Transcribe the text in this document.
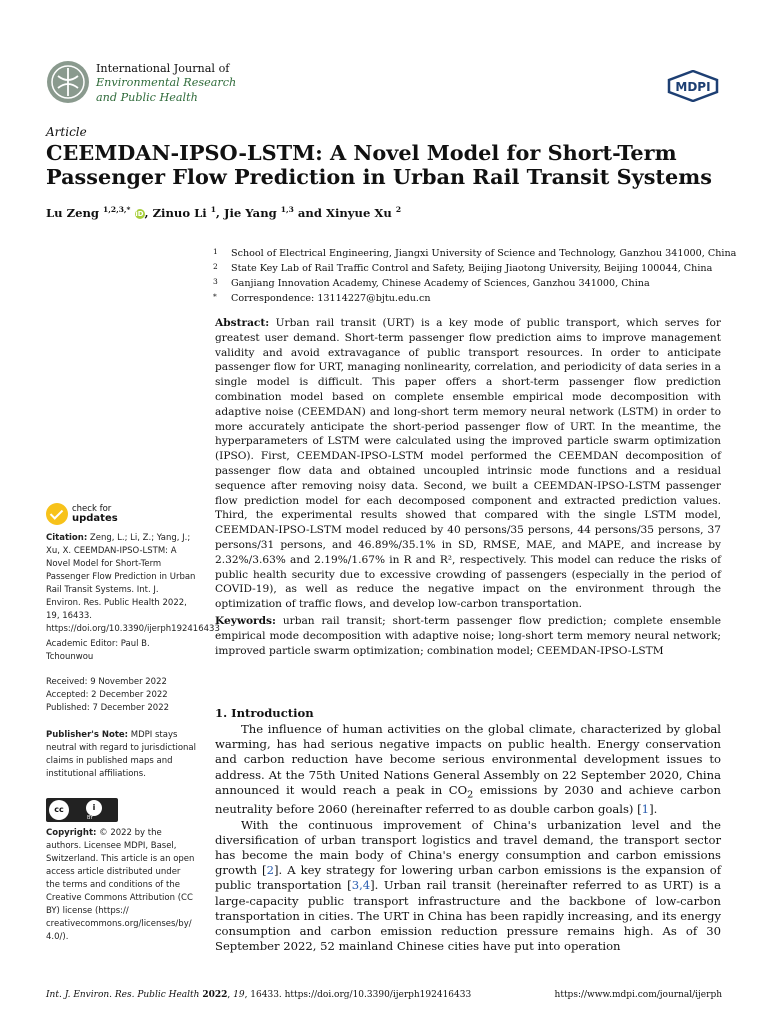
International Journal of
Environmental Research
and Public Health
MDPI
Article
CEEMDAN-IPSO-LSTM: A Novel Model for Short-Term Passenger Flow Prediction in Urban Rail Transit Systems
Lu Zeng $^{1,2,3,*}$ iD, Zinuo Li $^1$, Jie Yang $^{1,3}$ and Xinyue Xu $^2$
1 School of Electrical Engineering, Jiangxi University of Science and Technology, Ganzhou 341000, China
2 State Key Lab of Rail Traffic Control and Safety, Beijing Jiaotong University, Beijing 100044, China
3 Ganjiang Innovation Academy, Chinese Academy of Sciences, Ganzhou 341000, China
* Correspondence: 13114227@bjtu.edu.cn
Abstract: Urban rail transit (URT) is a key mode of public transport, which serves for greatest user demand. Short-term passenger flow prediction aims to improve management validity and avoid extravagance of public transport resources. In order to anticipate passenger flow for URT, managing nonlinearity, correlation, and periodicity of data series in a single model is difficult. This paper offers a short-term passenger flow prediction combination model based on complete ensemble empirical mode decomposition with adaptive noise (CEEMDAN) and long-short term memory neural network (LSTM) in order to more accurately anticipate the short-period passenger flow of URT. In the meantime, the hyperparameters of LSTM were calculated using the improved particle swarm optimization (IPSO). First, CEEMDAN-IPSO-LSTM model performed the CEEMDAN decomposition of passenger flow data and obtained uncoupled intrinsic mode functions and a residual sequence after removing noisy data. Second, we built a CEEMDAN-IPSO-LSTM passenger flow prediction model for each decomposed component and extracted prediction values. Third, the experimental results showed that compared with the single LSTM model, CEEMDAN-IPSO-LSTM model reduced by 40 persons/35 persons, 44 persons/35 persons, 37 persons/31 persons, and 46.89%/35.1% in SD, RMSE, MAE, and MAPE, and increase by 2.32%/3.63% and 2.19%/1.67% in R and R², respectively. This model can reduce the risks of public health security due to excessive crowding of passengers (especially in the period of COVID-19), as well as reduce the negative impact on the environment through the optimization of traffic flows, and develop low-carbon transportation.
Keywords: urban rail transit; short-term passenger flow prediction; complete ensemble empirical mode decomposition with adaptive noise; long-short term memory neural network; improved particle swarm optimization; combination model; CEEMDAN-IPSO-LSTM
check for
updates
Citation: Zeng, L.; Li, Z.; Yang, J.; Xu, X. CEEMDAN-IPSO-LSTM: A Novel Model for Short-Term Passenger Flow Prediction in Urban Rail Transit Systems. Int. J. Environ. Res. Public Health 2022, 19, 16433. https://doi.org/10.3390/ijerph192416433
Academic Editor: Paul B. Tchounwou
Received: 9 November 2022
Accepted: 2 December 2022
Published: 7 December 2022
Publisher's Note: MDPI stays neutral with regard to jurisdictional claims in published maps and institutional affiliations.
cc	i
BY
Copyright: © 2022 by the authors. Licensee MDPI, Basel, Switzerland. This article is an open access article distributed under the terms and conditions of the Creative Commons Attribution (CC BY) license (https:// creativecommons.org/licenses/by/ 4.0/).
1. Introduction

The influence of human activities on the global climate, characterized by global warming, has had serious negative impacts on public health. Energy conservation and carbon reduction have become serious environmental development issues to address. At the 75th United Nations General Assembly on 22 September 2020, China announced it would reach a peak in $CO_2$ emissions by 2030 and achieve carbon neutrality before 2060 (hereinafter referred to as double carbon goals) [1].

With the continuous improvement of China's urbanization level and the diversification of urban transport logistics and travel demand, the transport sector has become the main body of China's energy consumption and carbon emissions growth [2]. A key strategy for lowering urban carbon emissions is the expansion of public transportation [3,4]. Urban rail transit (hereinafter referred to as URT) is a large-capacity public transport infrastructure and the backbone of low-carbon transportation in cities. The URT in China has been rapidly increasing, and its energy consumption and carbon emission reduction pressure remains high. As of 30 September 2022, 52 mainland Chinese cities have put into operation

Int. J. Environ. Res. Public Health 2022, 19, 16433. https://doi.org/10.3390/ijerph192416433	https://www.mdpi.com/journal/ijerph
